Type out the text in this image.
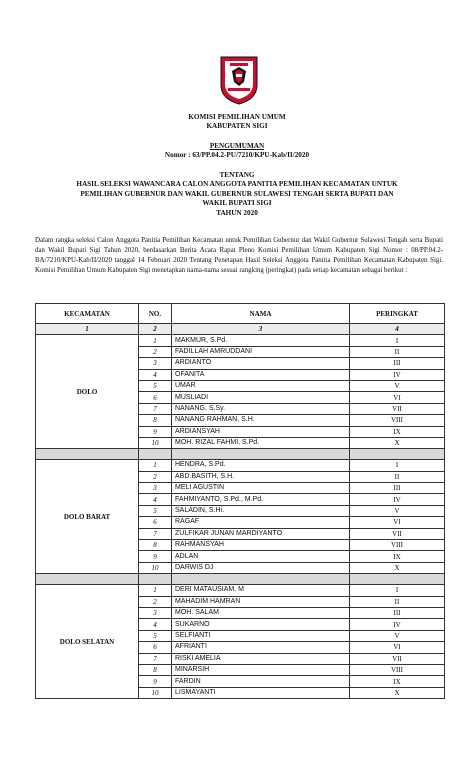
KOMISI PEMILIHAN UMUM
KABUPATEN SIGI
PENGUMUMAN
Nomor : 63/PP.04.2-PU/7210/KPU-Kab/II/2020
TENTANG
HASIL SELEKSI WAWANCARA CALON ANGGOTA PANITIA PEMILIHAN KECAMATAN UNTUK
PEMILIHAN GUBERNUR DAN WAKIL GUBERNUR SULAWESI TENGAH SERTA BUPATI DAN
WAKIL BUPATI SIGI
TAHUN 2020
Dalam rangka seleksi Calon Anggota Panitia Pemilihan Kecamatan untuk Pemilihan Gubernur dan Wakil Gubernur Sulawesi Tengah serta Bupati dan Wakil Bupati Sigi Tahun 2020, berdasarkan Berita Acara Rapat Pleno Komisi Pemilihan Umum Kabupaten Sigi Nomor : 08/PP.04.2-BA/7210/KPU-Kab/II/2020 tanggal 14 Februari 2020 Tentang Penetapan Hasil Seleksi Anggota Panitia Pemilihan Kecamatan Kabupaten Sigi. Komisi Pemilihan Umum Kabupaten Sigi menetapkan nama-nama sesuai rangking (peringkat) pada setiap kecamatan sebagai berikut :
KECAMATAN	NO.	NAMA	PERINGKAT
1	2	3	4
DOLO	1	MAKMUR, S.Pd.	I
	2	FADILLAH AMRUDDANI	II
	3	ARDIANTO	III
	4	OFANITA	IV
	5	UMAR	V
	6	MUSLIADI	VI
	7	NANANG, S.Sy.	VII
	8	NANANG RAHMAN, S.H.	VIII
	9	ARDIANSYAH	IX
	10	MOH. RIZAL FAHMI, S.Pd.	X

DOLO BARAT	1	HENDRA, S.Pd.	I
	2	ABD.BASITH, S.H.	II
	3	MELI AGUSTIN	III
	4	FAHMIYANTO, S.Pd., M.Pd.	IV
	5	SALADIN, S.Hi.	V
	6	RAGAF	VI
	7	ZULFIKAR JUNAN MARDIYANTO	VII
	8	RAHMANSYAH	VIII
	9	ADLAN	IX
	10	DARWIS DJ	X

DOLO SELATAN	1	DERI MATAUSIAM. M	I
	2	MAHADIM HAMRAN	II
	3	MOH. SALAM	III
	4	SUKARNO	IV
	5	SELFIANTI	V
	6	AFRIANTI	VI
	7	RISKI AMELIA	VII
	8	MINARSIH	VIII
	9	FARDIN	IX
	10	LISMAYANTI	X
